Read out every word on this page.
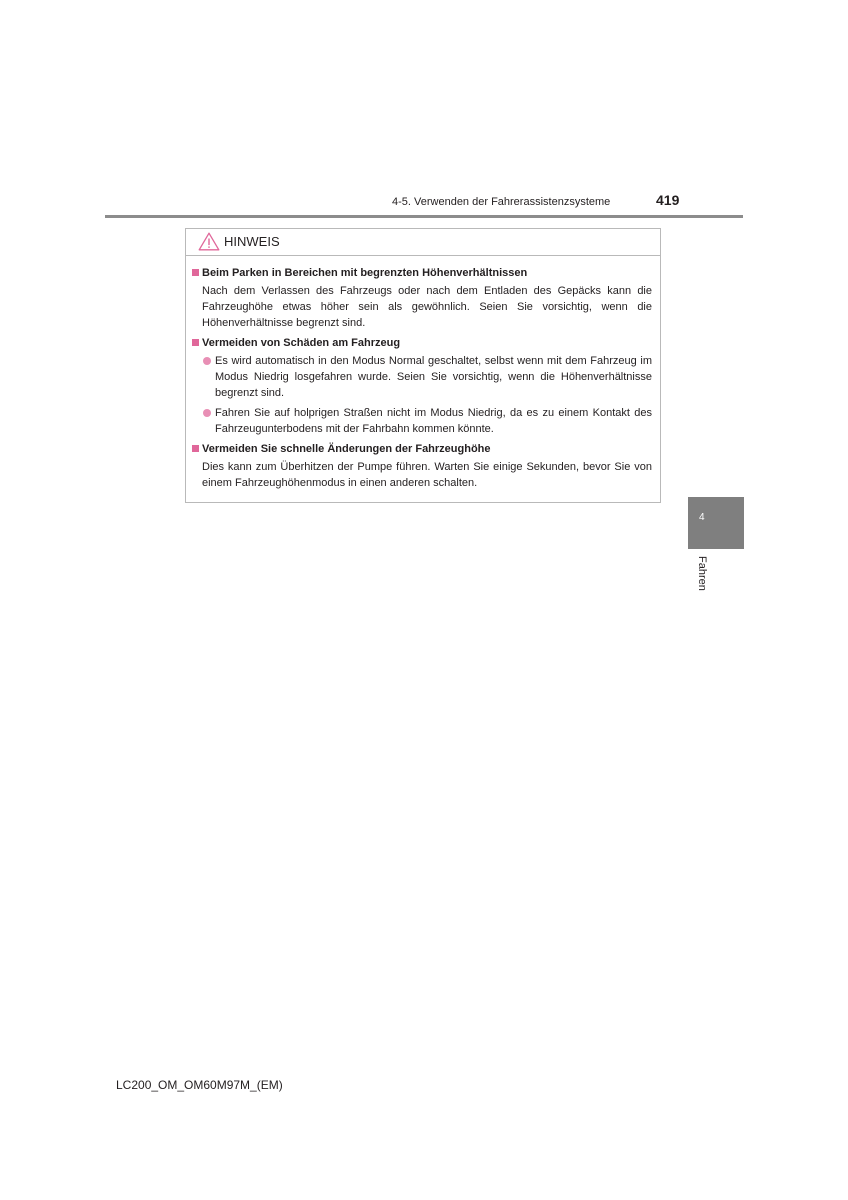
4-5. Verwenden der Fahrerassistenzsysteme	419
HINWEIS
Beim Parken in Bereichen mit begrenzten Höhenverhältnissen
Nach dem Verlassen des Fahrzeugs oder nach dem Entladen des Gepäcks kann die Fahrzeughöhe etwas höher sein als gewöhnlich. Seien Sie vorsichtig, wenn die Höhenverhältnisse begrenzt sind.
Vermeiden von Schäden am Fahrzeug
Es wird automatisch in den Modus Normal geschaltet, selbst wenn mit dem Fahrzeug im Modus Niedrig losgefahren wurde. Seien Sie vorsichtig, wenn die Höhenverhältnisse begrenzt sind.
Fahren Sie auf holprigen Straßen nicht im Modus Niedrig, da es zu einem Kontakt des Fahrzeugunterbodens mit der Fahrbahn kommen könnte.
Vermeiden Sie schnelle Änderungen der Fahrzeughöhe
Dies kann zum Überhitzen der Pumpe führen. Warten Sie einige Sekunden, bevor Sie von einem Fahrzeughöhenmodus in einen anderen schalten.
4
Fahren
LC200_OM_OM60M97M_(EM)
